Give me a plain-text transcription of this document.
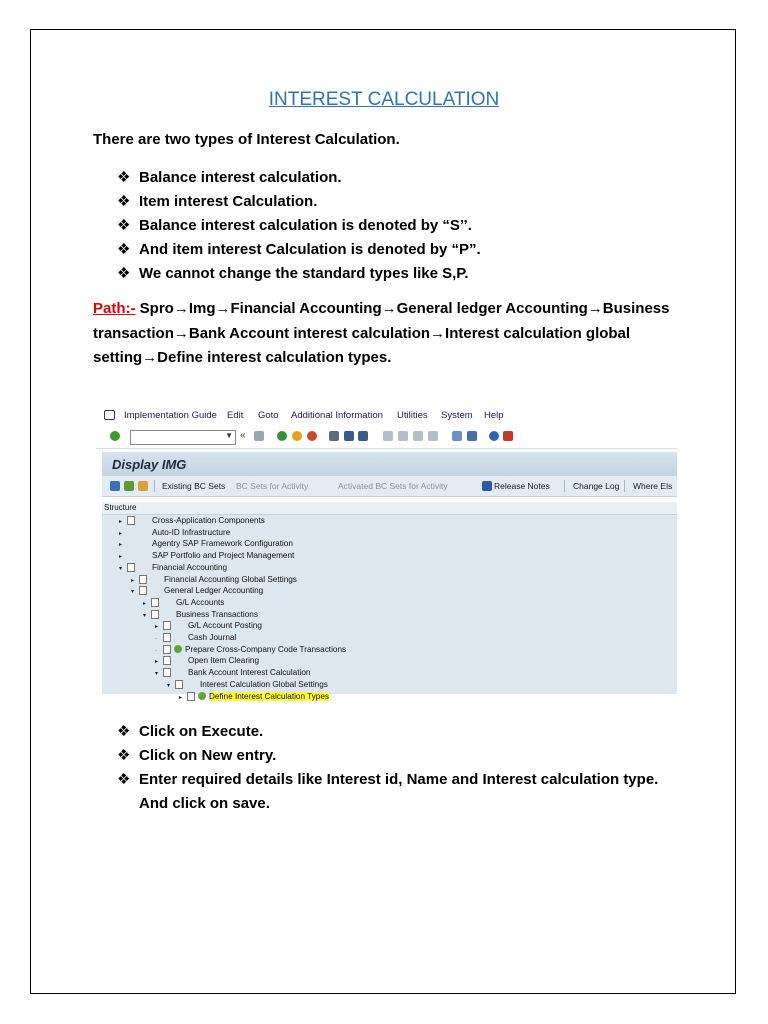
INTEREST CALCULATION
There are two types of Interest Calculation.
❖ Balance interest calculation.
❖ Item interest Calculation.
❖ Balance interest calculation is denoted by “S’’.
❖ And item interest Calculation is denoted by “P”.
❖ We cannot change the standard types like S,P.
Path:- Spro→Img→Financial Accounting→General ledger Accounting→Business transaction→Bank Account interest calculation→Interest calculation global setting→Define interest calculation types.
Implementation Guide Edit Goto Additional Information Utilities System Help
▼ «
Display IMG
Existing BC Sets BC Sets for Activity	Activated BC Sets for Activity	Release Notes	Change Log Where Els
Structure
▸	Cross-Application Components
▸	Auto-ID Infrastructure
▸	Agentry SAP Framework Configuration
▸	SAP Portfolio and Project Management
▾	Financial Accounting
▸	Financial Accounting Global Settings
▾	General Ledger Accounting
▸	G/L Accounts
▾	Business Transactions
▸	G/L Account Posting
·	Cash Journal
·	Prepare Cross-Company Code Transactions
▸	Open Item Clearing
▾	Bank Account Interest Calculation
▾	Interest Calculation Global Settings
▸	Define Interest Calculation Types
❖ Click on Execute.
❖ Click on New entry.
❖ Enter required details like Interest id, Name and Interest calculation type. And click on save.
